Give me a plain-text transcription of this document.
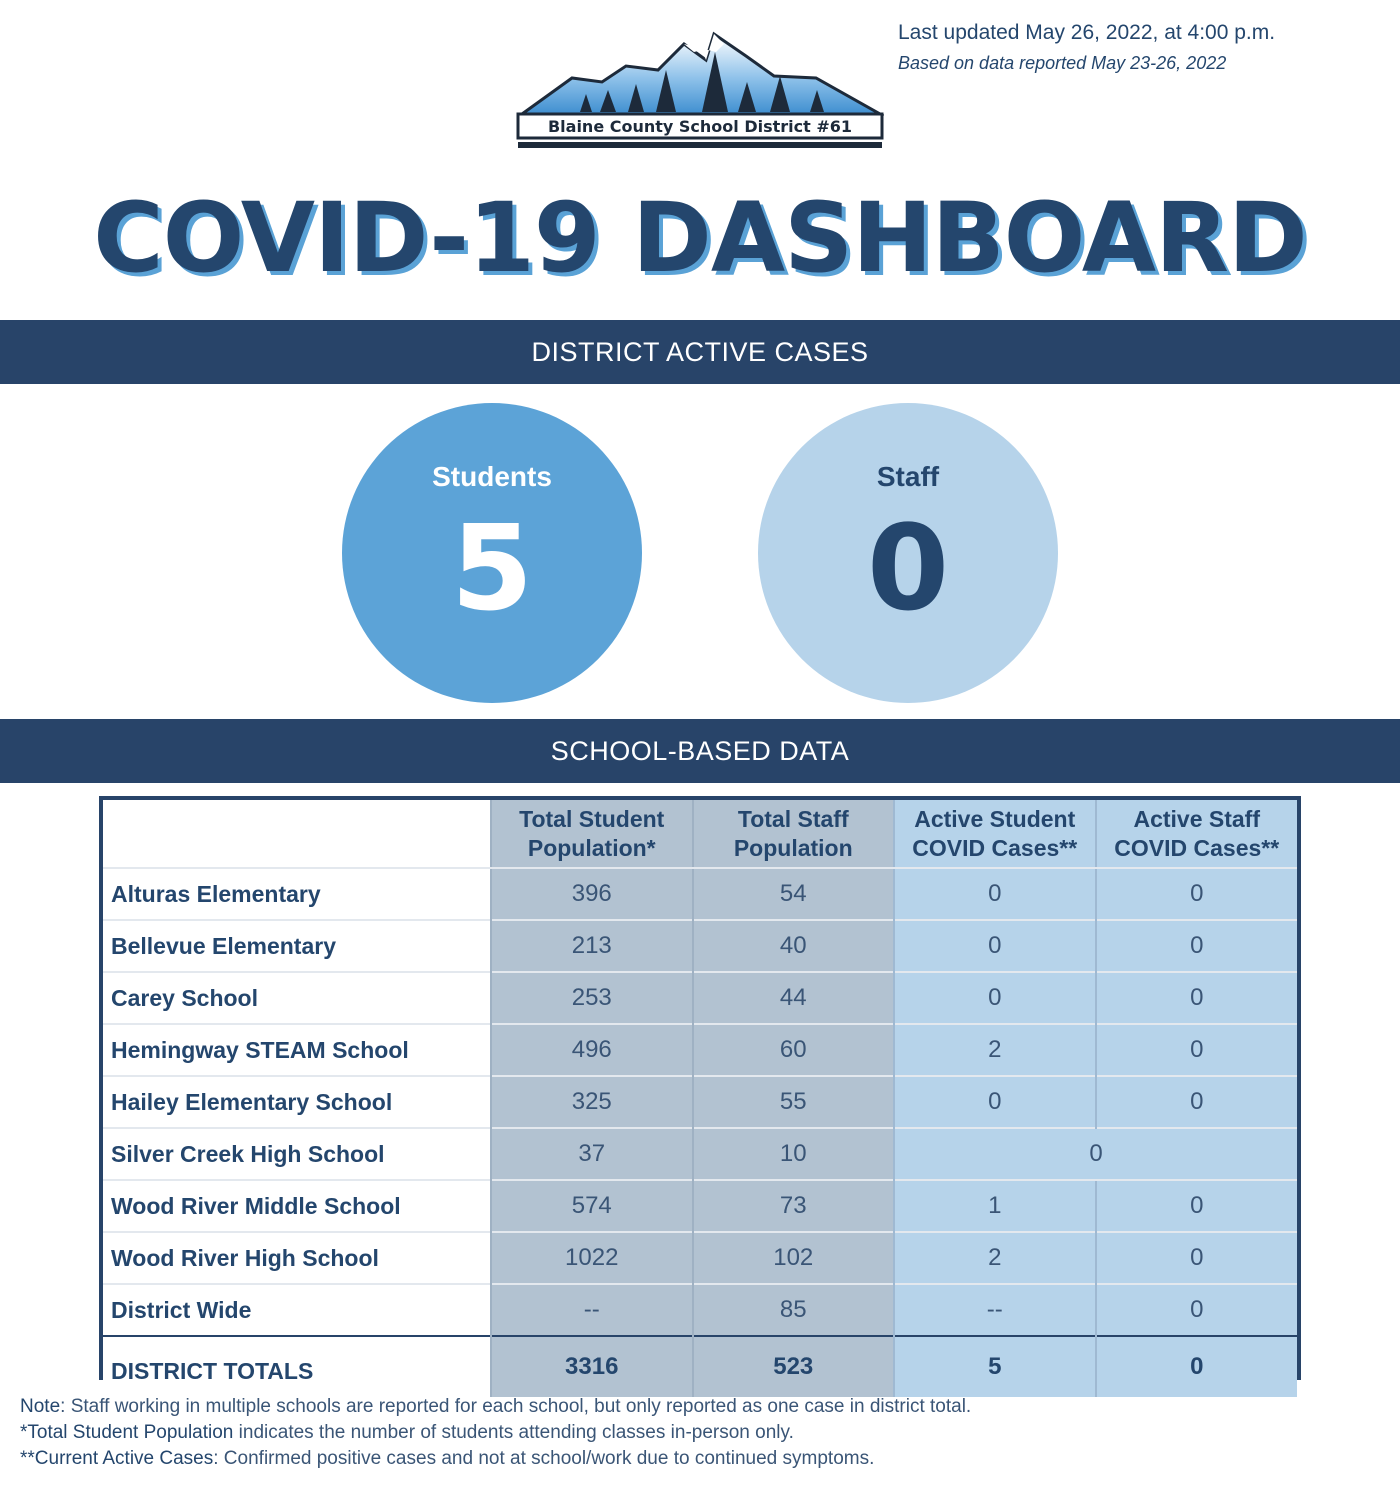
Last updated May 26, 2022, at 4:00 p.m.
Based on data reported May 23-26, 2022
Blaine County School District #61
COVID-19 DASHBOARD
DISTRICT ACTIVE CASES
Students
5
Staff
0
SCHOOL-BASED DATA
	Total Student Population*	Total Staff Population	Active Student COVID Cases**	Active Staff COVID Cases**
Alturas Elementary	396	54	0	0
Bellevue Elementary	213	40	0	0
Carey School	253	44	0	0
Hemingway STEAM School	496	60	2	0
Hailey Elementary School	325	55	0	0
Silver Creek High School	37	10	0	
Wood River Middle School	574	73	1	0
Wood River High School	1022	102	2	0
District Wide	--	85	--	0
DISTRICT TOTALS	3316	523	5	0
Note: Staff working in multiple schools are reported for each school, but only reported as one case in district total.
*Total Student Population indicates the number of students attending classes in-person only.
**Current Active Cases: Confirmed positive cases and not at school/work due to continued symptoms.
